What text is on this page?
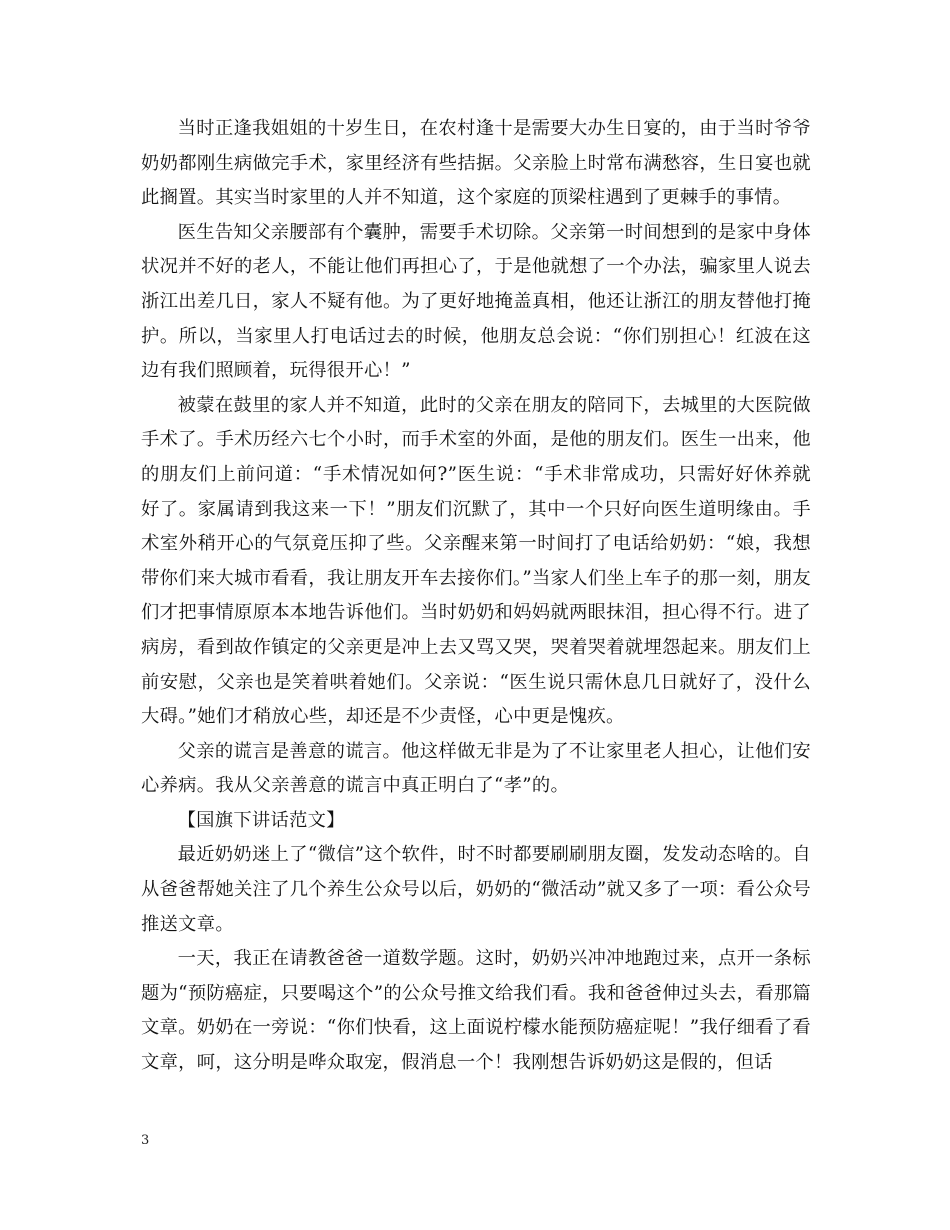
当时正逢我姐姐的十岁生日，在农村逢十是需要大办生日宴的，由于当时爷爷奶奶都刚生病做完手术，家里经济有些拮据。父亲脸上时常布满愁容，生日宴也就此搁置。其实当时家里的人并不知道，这个家庭的顶梁柱遇到了更棘手的事情。

医生告知父亲腰部有个囊肿，需要手术切除。父亲第一时间想到的是家中身体状况并不好的老人，不能让他们再担心了，于是他就想了一个办法，骗家里人说去浙江出差几日，家人不疑有他。为了更好地掩盖真相，他还让浙江的朋友替他打掩护。所以，当家里人打电话过去的时候，他朋友总会说：“你们别担心！红波在这边有我们照顾着，玩得很开心！”

被蒙在鼓里的家人并不知道，此时的父亲在朋友的陪同下，去城里的大医院做手术了。手术历经六七个小时，而手术室的外面，是他的朋友们。医生一出来，他的朋友们上前问道：“手术情况如何?”医生说：“手术非常成功，只需好好休养就好了。家属请到我这来一下！”朋友们沉默了，其中一个只好向医生道明缘由。手术室外稍开心的气氛竟压抑了些。父亲醒来第一时间打了电话给奶奶：“娘，我想带你们来大城市看看，我让朋友开车去接你们。”当家人们坐上车子的那一刻，朋友们才把事情原原本本地告诉他们。当时奶奶和妈妈就两眼抹泪，担心得不行。进了病房，看到故作镇定的父亲更是冲上去又骂又哭，哭着哭着就埋怨起来。朋友们上前安慰，父亲也是笑着哄着她们。父亲说：“医生说只需休息几日就好了，没什么大碍。”她们才稍放心些，却还是不少责怪，心中更是愧疚。

父亲的谎言是善意的谎言。他这样做无非是为了不让家里老人担心，让他们安心养病。我从父亲善意的谎言中真正明白了“孝”的。

【国旗下讲话范文】

最近奶奶迷上了“微信”这个软件，时不时都要刷刷朋友圈，发发动态啥的。自从爸爸帮她关注了几个养生公众号以后，奶奶的“微活动”就又多了一项：看公众号推送文章。

一天，我正在请教爸爸一道数学题。这时，奶奶兴冲冲地跑过来，点开一条标题为“预防癌症，只要喝这个”的公众号推文给我们看。我和爸爸伸过头去，看那篇文章。奶奶在一旁说：“你们快看，这上面说柠檬水能预防癌症呢！”我仔细看了看文章，呵，这分明是哗众取宠，假消息一个！我刚想告诉奶奶这是假的，但话

3
